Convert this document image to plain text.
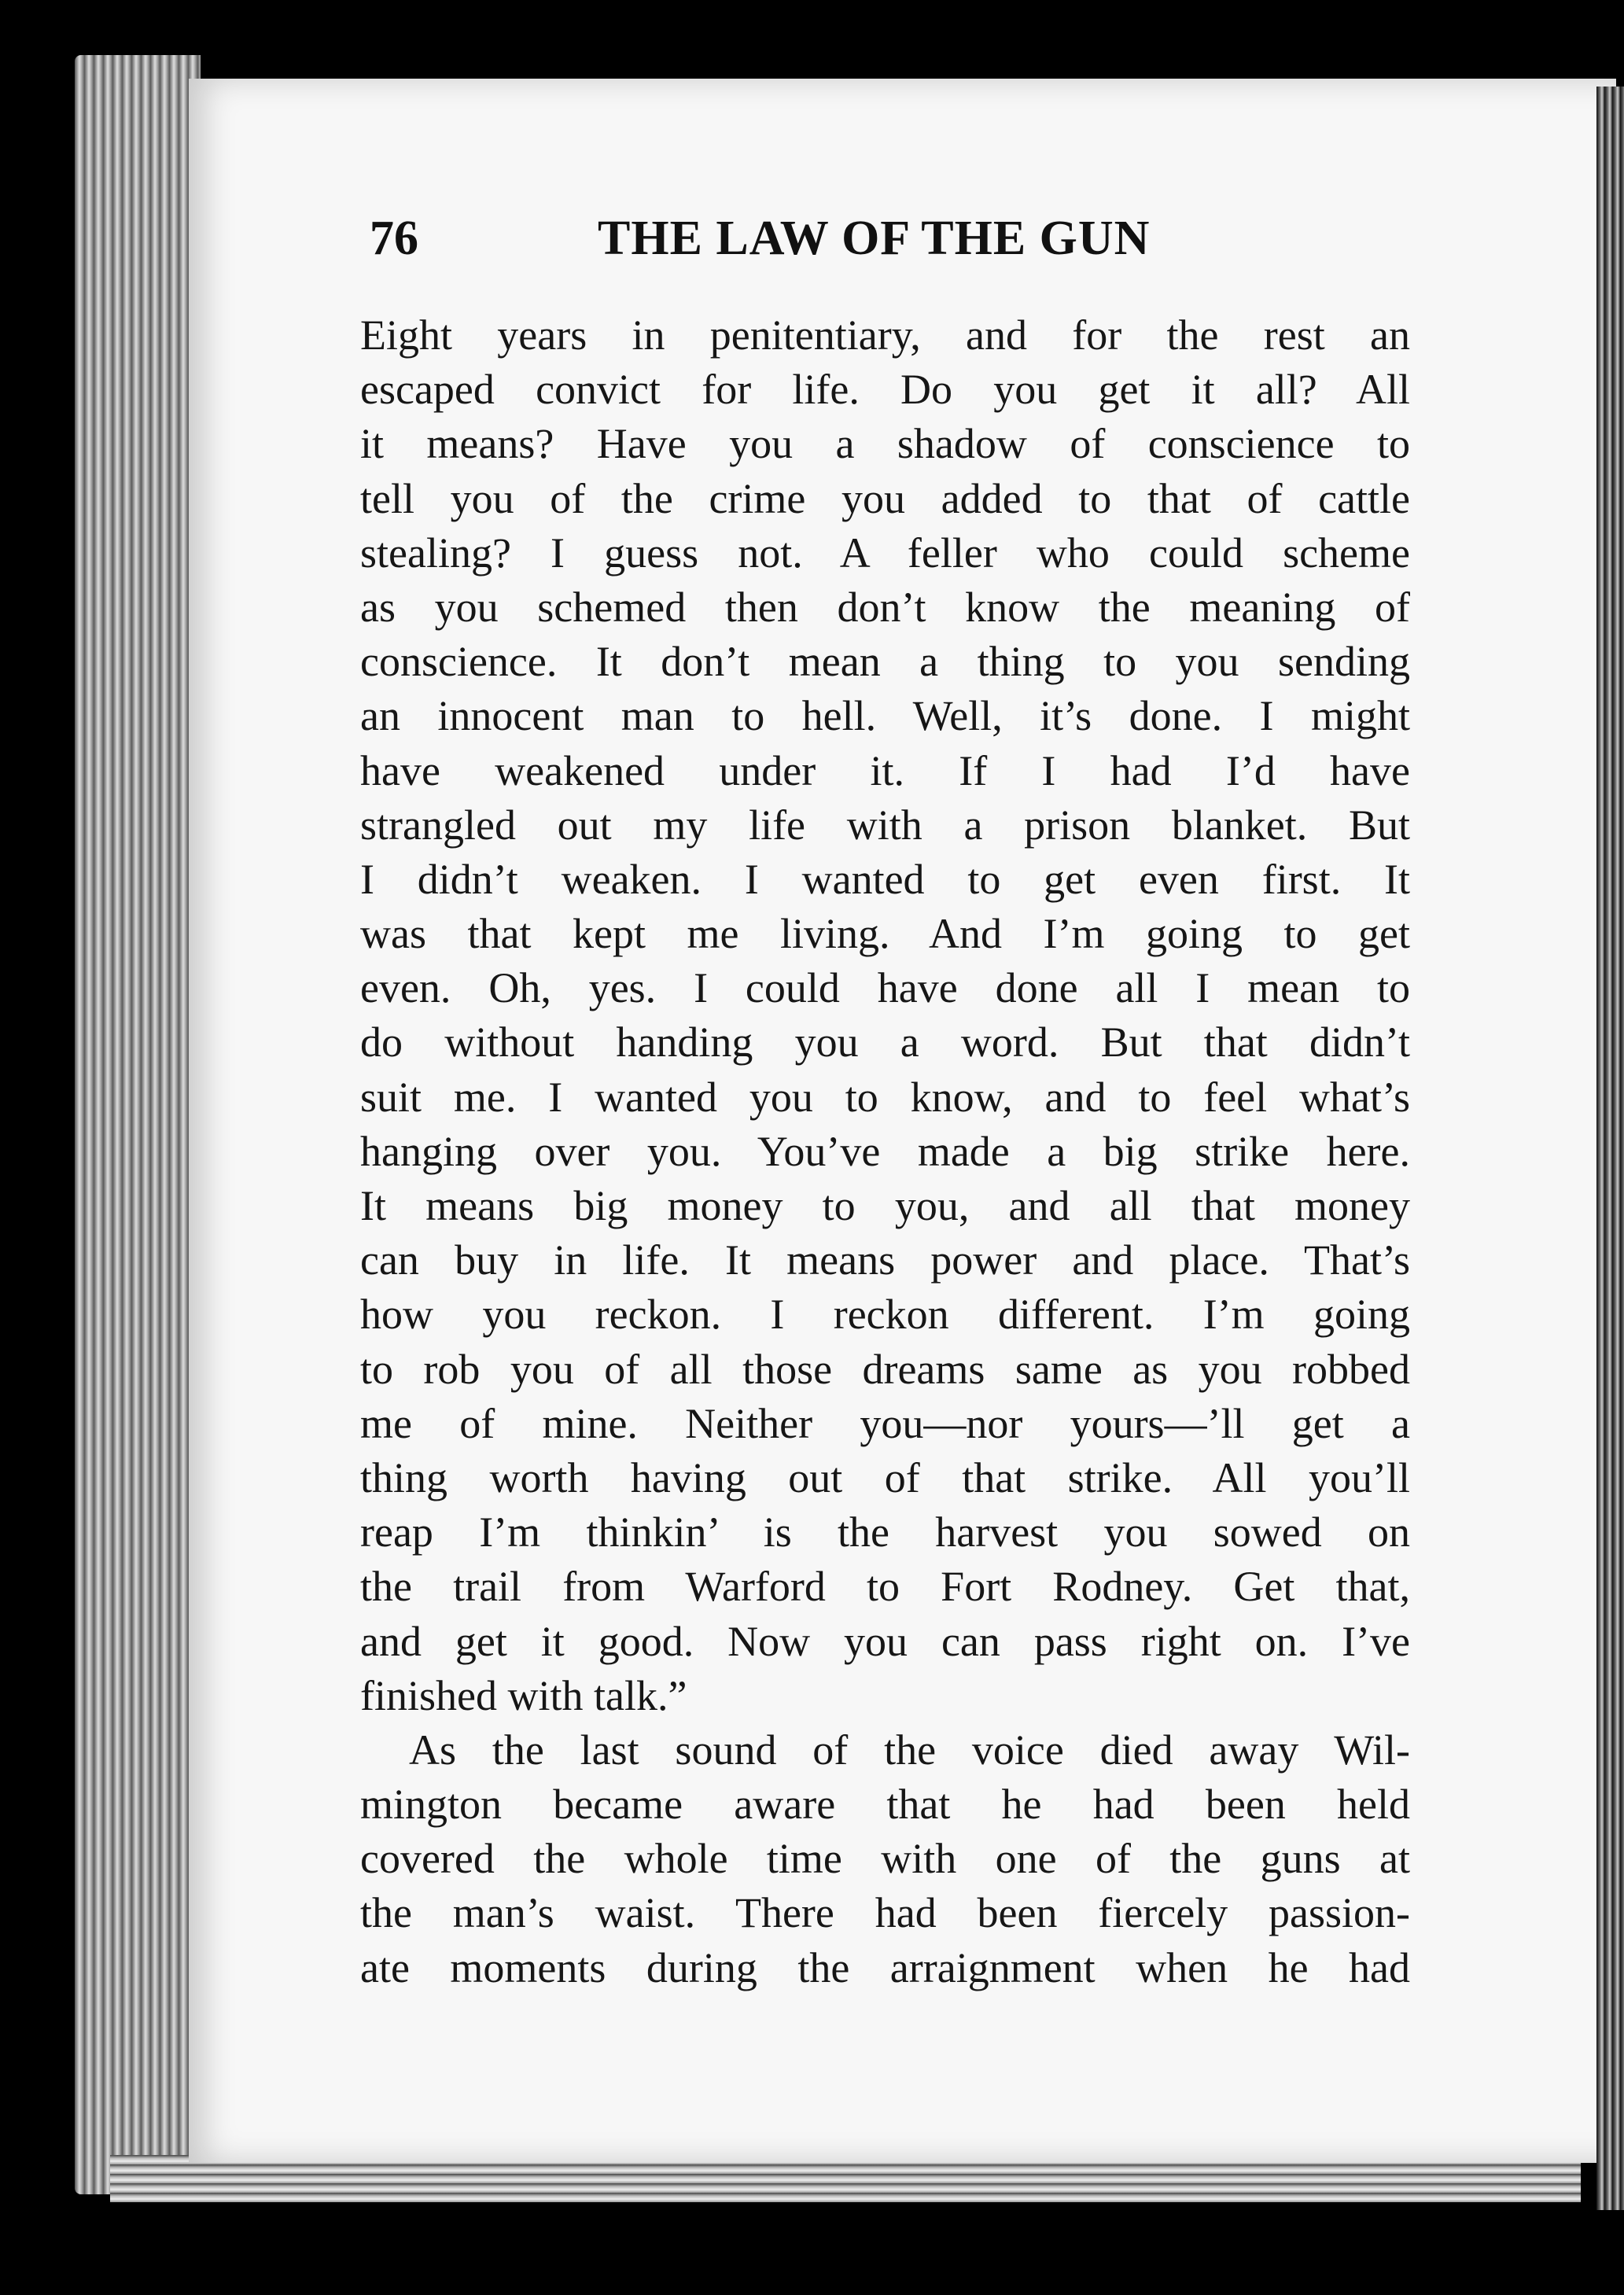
76	THE LAW OF THE GUN
Eight years in penitentiary, and for the rest an
escaped convict for life. Do you get it all? All
it means? Have you a shadow of conscience to
tell you of the crime you added to that of cattle
stealing? I guess not. A feller who could scheme
as you schemed then don’t know the meaning of
conscience. It don’t mean a thing to you sending
an innocent man to hell. Well, it’s done. I might
have weakened under it. If I had I’d have
strangled out my life with a prison blanket. But
I didn’t weaken. I wanted to get even first. It
was that kept me living. And I’m going to get
even. Oh, yes. I could have done all I mean to
do without handing you a word. But that didn’t
suit me. I wanted you to know, and to feel what’s
hanging over you. You’ve made a big strike here.
It means big money to you, and all that money
can buy in life. It means power and place. That’s
how you reckon. I reckon different. I’m going
to rob you of all those dreams same as you robbed
me of mine. Neither you—nor yours—’ll get a
thing worth having out of that strike. All you’ll
reap I’m thinkin’ is the harvest you sowed on
the trail from Warford to Fort Rodney. Get that,
and get it good. Now you can pass right on. I’ve
finished with talk.”
As the last sound of the voice died away Wil-
mington became aware that he had been held
covered the whole time with one of the guns at
the man’s waist. There had been fiercely passion-
ate moments during the arraignment when he had
